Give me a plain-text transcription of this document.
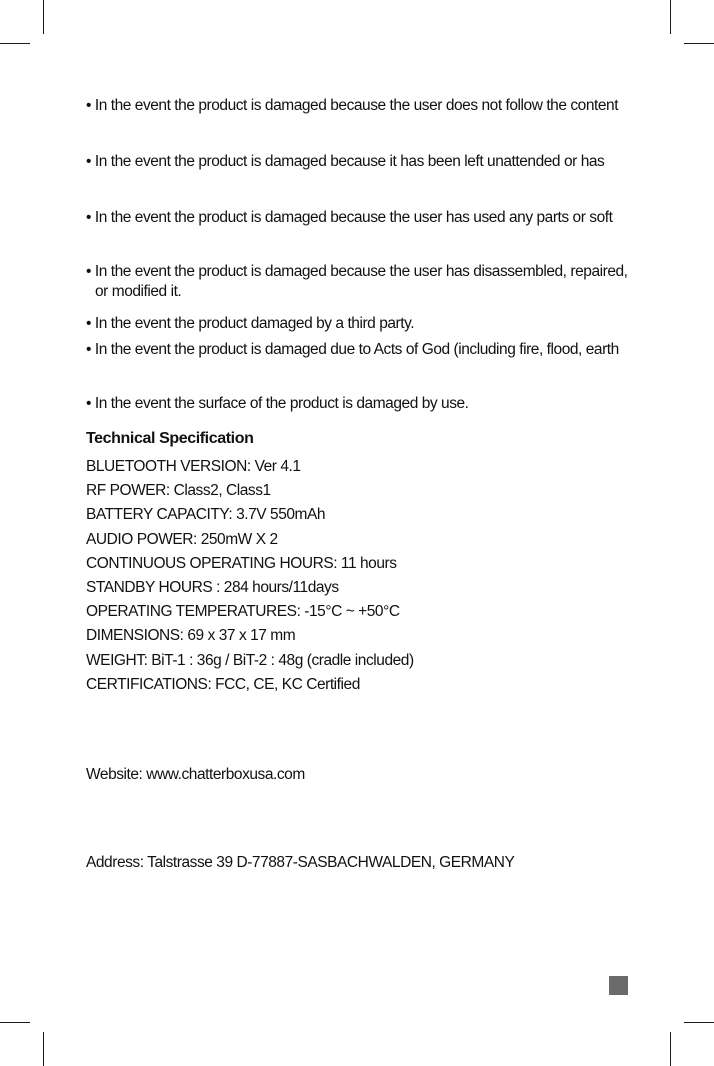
• In the event the product is damaged because the user does not follow the content
• In the event the product is damaged because it has been left unattended or has
• In the event the product is damaged because the user has used any parts or soft
• In the event the product is damaged because the user has disassembled, repaired,
or modified it.
• In the event the product damaged by a third party.
• In the event the product is damaged due to Acts of God (including fire, flood, earth
• In the event the surface of the product is damaged by use.
Technical Specification
BLUETOOTH VERSION: Ver 4.1
RF POWER: Class2, Class1
BATTERY CAPACITY: 3.7V 550mAh
AUDIO POWER: 250mW X 2
CONTINUOUS OPERATING HOURS: 11 hours
STANDBY HOURS : 284 hours/11days
OPERATING TEMPERATURES: -15°C ~ +50°C
DIMENSIONS: 69 x 37 x 17 mm
WEIGHT: BiT-1 : 36g / BiT-2 : 48g (cradle included)
CERTIFICATIONS: FCC, CE, KC Certified
Website: www.chatterboxusa.com
Address: Talstrasse 39 D-77887-SASBACHWALDEN, GERMANY
